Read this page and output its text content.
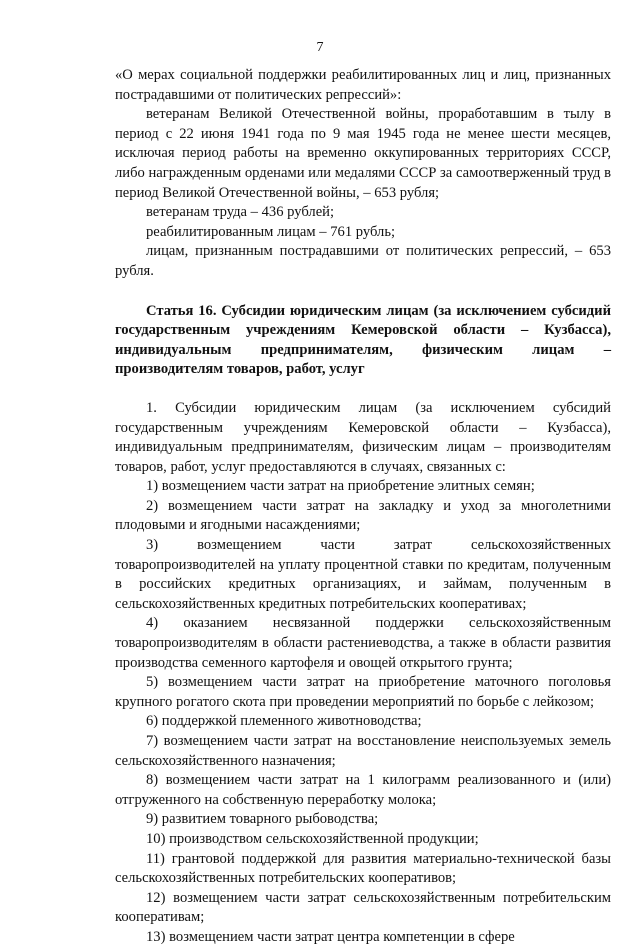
7

«О мерах социальной поддержки реабилитированных лиц и лиц, признанных пострадавшими от политических репрессий»:

ветеранам Великой Отечественной войны, проработавшим в тылу в период с 22 июня 1941 года по 9 мая 1945 года не менее шести месяцев, исключая период работы на временно оккупированных территориях СССР, либо награжденным орденами или медалями СССР за самоотверженный труд в период Великой Отечественной войны, – 653 рубля;

ветеранам труда – 436 рублей;

реабилитированным лицам – 761 рубль;

лицам, признанным пострадавшими от политических репрессий, – 653 рубля.

Статья 16. Субсидии юридическим лицам (за исключением субсидий государственным учреждениям Кемеровской области – Кузбасса), индивидуальным предпринимателям, физическим лицам – производителям товаров, работ, услуг

1. Субсидии юридическим лицам (за исключением субсидий государственным учреждениям Кемеровской области – Кузбасса), индивидуальным предпринимателям, физическим лицам – производителям товаров, работ, услуг предоставляются в случаях, связанных с:

1) возмещением части затрат на приобретение элитных семян;

2) возмещением части затрат на закладку и уход за многолетними плодовыми и ягодными насаждениями;

3) возмещением части затрат сельскохозяйственных товаропроизводителей на уплату процентной ставки по кредитам, полученным в российских кредитных организациях, и займам, полученным в сельскохозяйственных кредитных потребительских кооперативах;

4) оказанием несвязанной поддержки сельскохозяйственным товаропроизводителям в области растениеводства, а также в области развития производства семенного картофеля и овощей открытого грунта;

5) возмещением части затрат на приобретение маточного поголовья крупного рогатого скота при проведении мероприятий по борьбе с лейкозом;

6) поддержкой племенного животноводства;

7) возмещением части затрат на восстановление неиспользуемых земель сельскохозяйственного назначения;

8) возмещением части затрат на 1 килограмм реализованного и (или) отгруженного на собственную переработку молока;

9) развитием товарного рыбоводства;

10) производством сельскохозяйственной продукции;

11) грантовой поддержкой для развития материально-технической базы сельскохозяйственных потребительских кооперативов;

12) возмещением части затрат сельскохозяйственным потребительским кооперативам;

13) возмещением части затрат центра компетенции в сфере
